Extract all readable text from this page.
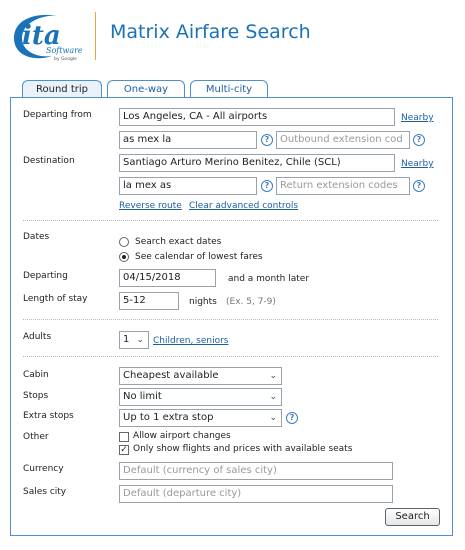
ita
Software
by Google
Matrix Airfare Search
Round trip	One-way	Multi-city
Departing from	Los Angeles, CA - All airports	Nearby
as mex la	?	Outbound extension cod	?
Destination	Santiago Arturo Merino Benitez, Chile (SCL)	Nearby
la mex as	?	Return extension codes	?
Reverse route Clear advanced controls
Dates	Search exact dates
See calendar of lowest fares
Departing	04/15/2018	and a month later
Length of stay	5-12	nights (Ex. 5, 7-9)
Adults	1 ⌄ Children, seniors
Cabin	Cheapest available	⌄
Stops	No limit	⌄
Extra stops	Up to 1 extra stop	⌄	?
Other	Allow airport changes
✓ Only show flights and prices with available seats
Currency	Default (currency of sales city)
Sales city	Default (departure city)
Search
